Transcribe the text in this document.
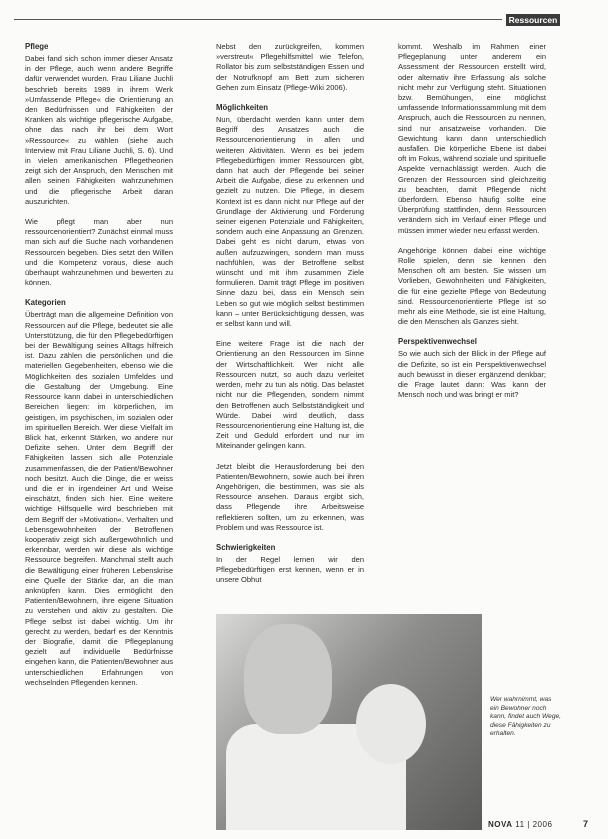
Ressourcen
Pflege

Dabei fand sich schon immer dieser Ansatz in der Pflege, auch wenn andere Begriffe dafür verwendet wurden. Frau Liliane Juchli beschrieb bereits 1989 in ihrem Werk »Umfassende Pflege« die Orientierung an den Bedürfnissen und Fähigkeiten der Kranken als wichtige pflegerische Aufgabe, ohne das nach ihr bei dem Wort »Ressource« zu wählen (siehe auch Interview mit Frau Liliane Juchli, S. 6). Und in vielen amerikanischen Pflegetheorien zeigt sich der Anspruch, den Menschen mit allen seinen Fähigkeiten wahrzunehmen und die pflegerische Arbeit daran auszurichten.

Wie pflegt man aber nun ressourcenorientiert? Zunächst einmal muss man sich auf die Suche nach vorhandenen Ressourcen begeben. Dies setzt den Willen und die Kompetenz voraus, diese auch überhaupt wahrzunehmen und bewerten zu können.

Kategorien

Überträgt man die allgemeine Definition von Ressourcen auf die Pflege, bedeutet sie alle Unterstützung, die für den Pflegebedürftigen bei der Bewältigung seines Alltags hilfreich ist. Dazu zählen die persönlichen und die materiellen Gegebenheiten, ebenso wie die Möglichkeiten des sozialen Umfeldes und die Gestaltung der Umgebung. Eine Ressource kann dabei in unterschiedlichen Bereichen liegen: im körperlichen, im geistigen, im psychischen, im sozialen oder im spirituellen Bereich. Wer diese Vielfalt im Blick hat, erkennt Stärken, wo andere nur Defizite sehen. Unter dem Begriff der Fähigkeiten lassen sich alle Potenziale zusammenfassen, die der Patient/Bewohner noch besitzt. Auch die Dinge, die er weiss und die er in irgendeiner Art und Weise einschätzt, finden sich hier. Eine weitere wichtige Hilfsquelle wird beschrieben mit dem Begriff der »Motivation«. Verhalten und Lebensgewohnheiten der Betroffenen kooperativ zeigt sich außergewöhnlich und erkennbar, werden wir diese als wichtige Ressource begreifen. Manchmal stellt auch die Bewältigung einer früheren Lebenskrise eine Quelle der Stärke dar, an die man anknüpfen kann. Dies ermöglicht den Patienten/Bewohnern, ihre eigene Situation zu verstehen und aktiv zu gestalten. Die Pflege selbst ist dabei wichtig. Um ihr gerecht zu werden, bedarf es der Kenntnis der Biografie, damit die Pflegeplanung gezielt auf individuelle Bedürfnisse eingehen kann, die Patienten/Bewohner aus unterschiedlichen Erfahrungen von wechselnden Pflegenden kennen.

Nebst den zurückgreifen, kommen »verstreut« Pflegehilfsmittel wie Telefon, Rollator bis zum selbstständigen Essen und der Notrufknopf am Bett zum sicheren Gehen zum Einsatz (Pflege-Wiki 2006).

Möglichkeiten

Nun, überdacht werden kann unter dem Begriff des Ansatzes auch die Ressourcenorientierung in allen und weiteren Aktivitäten. Wenn es bei jedem Pflegebedürftigen immer Ressourcen gibt, dann hat auch der Pflegende bei seiner Arbeit die Aufgabe, diese zu erkennen und gezielt zu nutzen. Die Pflege, in diesem Kontext ist es dann nicht nur Pflege auf der Grundlage der Aktivierung und Förderung seiner eigenen Potenziale und Fähigkeiten, sondern auch eine Anpassung an Grenzen. Dabei geht es nicht darum, etwas von außen aufzuzwingen, sondern man muss nachfühlen, was der Betroffene selbst wünscht und mit ihm zusammen Ziele formulieren. Damit trägt Pflege im positiven Sinne dazu bei, dass ein Mensch sein Leben so gut wie möglich selbst bestimmen kann – unter Berücksichtigung dessen, was er selbst kann und will.

Eine weitere Frage ist die nach der Orientierung an den Ressourcen im Sinne der Wirtschaftlichkeit. Wer nicht alle Ressourcen nutzt, so auch dazu verleitet werden, mehr zu tun als nötig. Das belastet nicht nur die Pflegenden, sondern nimmt den Betroffenen auch Selbstständigkeit und Würde. Dabei wird deutlich, dass Ressourcenorientierung eine Haltung ist, die Zeit und Geduld erfordert und nur im Miteinander gelingen kann.

Jetzt bleibt die Herausforderung bei den Patienten/Bewohnern, sowie auch bei ihren Angehörigen, die bestimmen, was sie als Ressource ansehen. Daraus ergibt sich, dass Pflegende ihre Arbeitsweise reflektieren sollten, um zu erkennen, was Problem und was Ressource ist.

Schwierigkeiten

In der Regel lernen wir den Pflegebedürftigen erst kennen, wenn er in unsere Obhut

kommt. Weshalb im Rahmen einer Pflegeplanung unter anderem ein Assessment der Ressourcen erstellt wird, oder alternativ ihre Erfassung als solche nicht mehr zur Verfügung steht. Situationen bzw. Bemühungen, eine möglichst umfassende Informationssammlung mit dem Anspruch, auch die Ressourcen zu nennen, sind nur ansatzweise vorhanden. Die Gewichtung kann dann unterschiedlich ausfallen. Die körperliche Ebene ist dabei oft im Fokus, während soziale und spirituelle Aspekte vernachlässigt werden. Auch die Grenzen der Ressourcen sind gleichzeitig zu beachten, damit Pflegende nicht überfordern. Ebenso häufig sollte eine Überprüfung stattfinden, denn Ressourcen verändern sich im Verlauf einer Pflege und müssen immer wieder neu erfasst werden.

Angehörige können dabei eine wichtige Rolle spielen, denn sie kennen den Menschen oft am besten. Sie wissen um Vorlieben, Gewohnheiten und Fähigkeiten, die für eine gezielte Pflege von Bedeutung sind. Ressourcenorientierte Pflege ist so mehr als eine Methode, sie ist eine Haltung, die den Menschen als Ganzes sieht.

Perspektivenwechsel

So wie auch sich der Blick in der Pflege auf die Defizite, so ist ein Perspektivenwechsel auch bewusst in dieser ergänzend denkbar; die Frage lautet dann: Was kann der Mensch noch und was bringt er mit?

Wer wahrnimmt, was ein Bewohner noch kann, findet auch Wege, diese Fähigkeiten zu erhalten.
NOVA 11 | 2006	7
